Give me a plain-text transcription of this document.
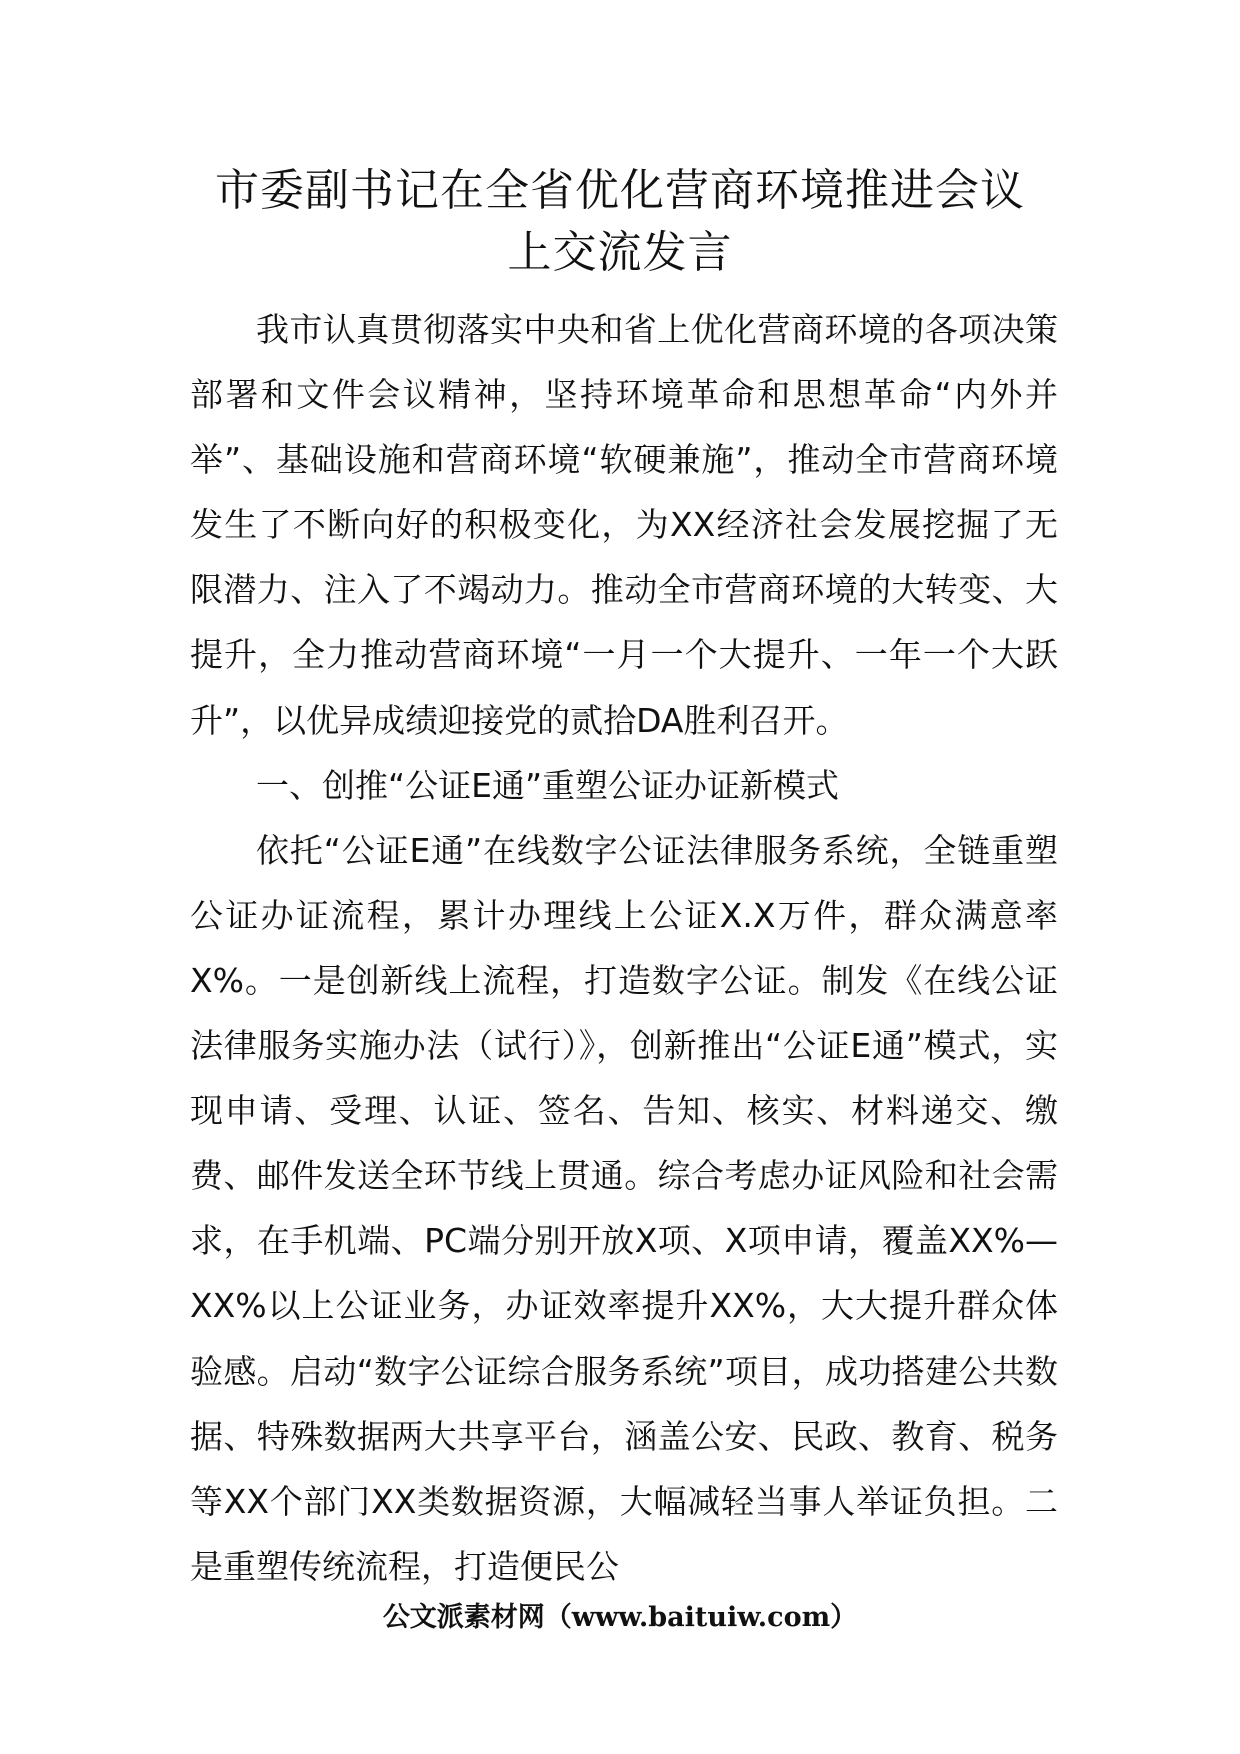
市委副书记在全省优化营商环境推进会议
上交流发言

我市认真贯彻落实中央和省上优化营商环境的各项决策部署和文件会议精神，坚持环境革命和思想革命“内外并举”、基础设施和营商环境“软硬兼施”，推动全市营商环境发生了不断向好的积极变化，为XX经济社会发展挖掘了无限潜力、注入了不竭动力。推动全市营商环境的大转变、大提升，全力推动营商环境“一月一个大提升、一年一个大跃升”，以优异成绩迎接党的贰拾DA胜利召开。

一、创推“公证E通”重塑公证办证新模式

依托“公证E通”在线数字公证法律服务系统，全链重塑公证办证流程，累计办理线上公证X.X万件，群众满意率X%。一是创新线上流程，打造数字公证。制发《在线公证法律服务实施办法（试行）》，创新推出“公证E通”模式，实现申请、受理、认证、签名、告知、核实、材料递交、缴费、邮件发送全环节线上贯通。综合考虑办证风险和社会需求，在手机端、PC端分别开放X项、X项申请，覆盖XX%—XX%以上公证业务，办证效率提升XX%，大大提升群众体验感。启动“数字公证综合服务系统”项目，成功搭建公共数据、特殊数据两大共享平台，涵盖公安、民政、教育、税务等XX个部门XX类数据资源，大幅减轻当事人举证负担。二是重塑传统流程，打造便民公

公文派素材网（www.baituiw.com）
